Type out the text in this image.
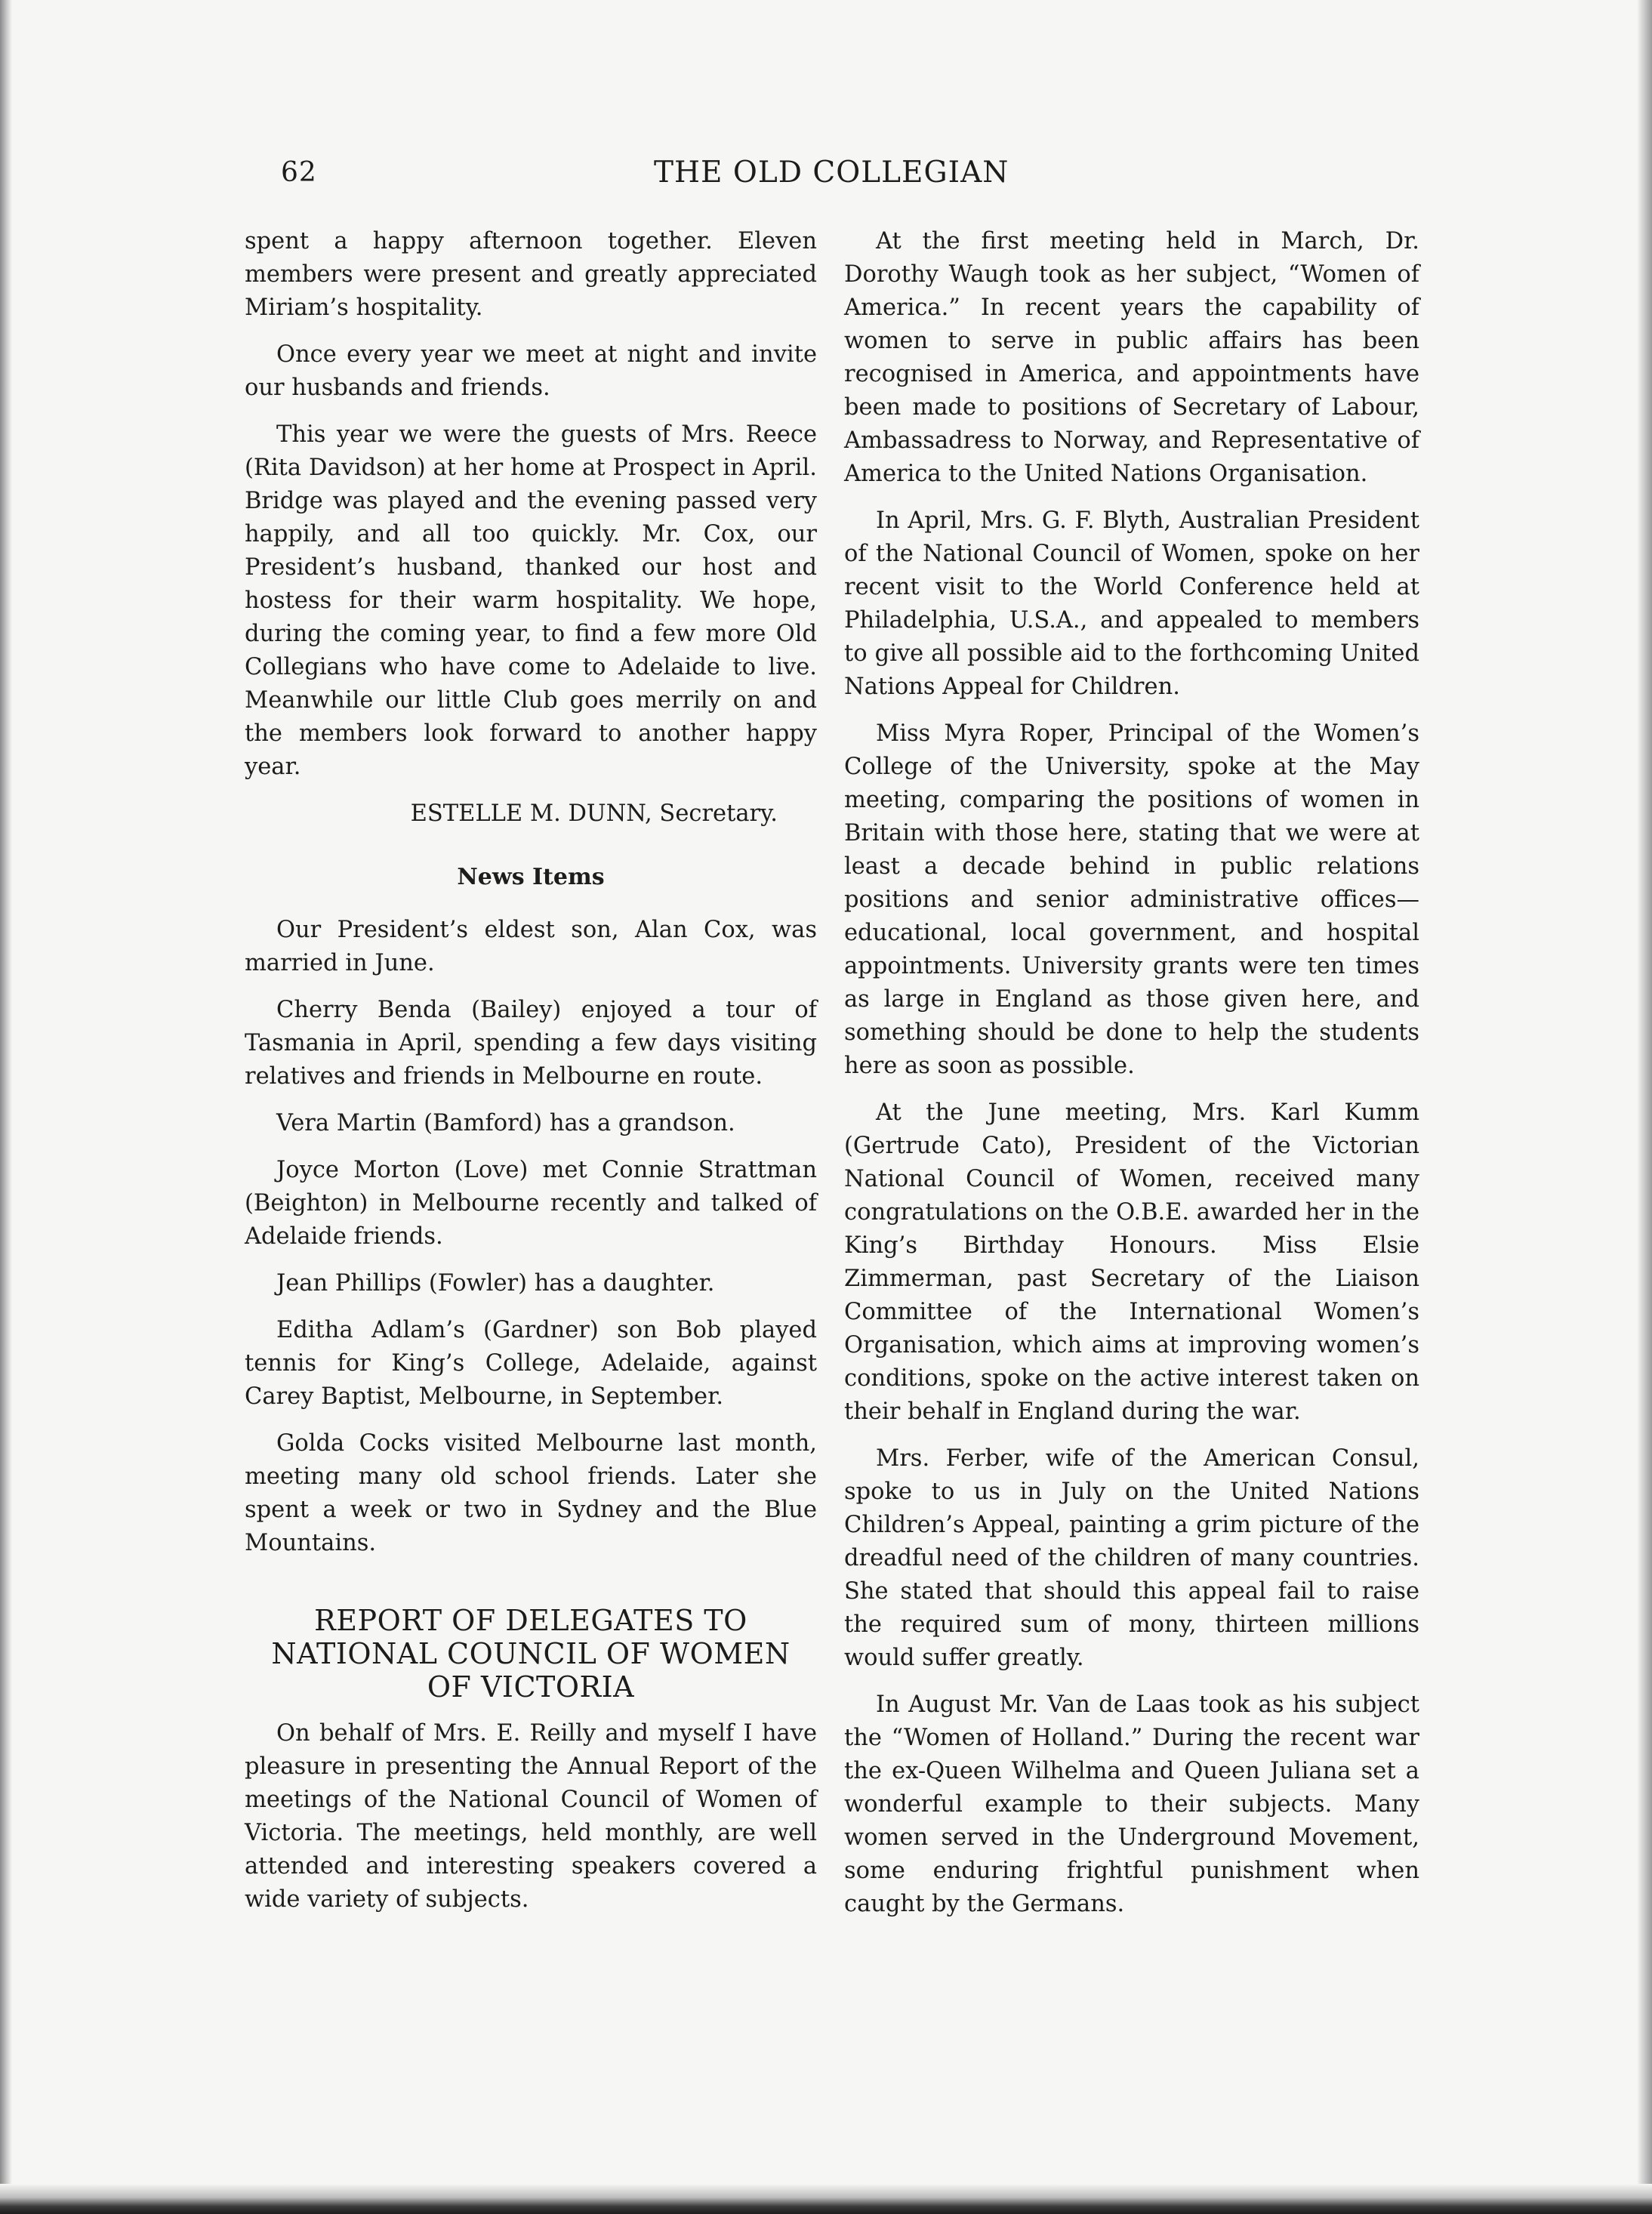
62	THE OLD COLLEGIAN

spent a happy afternoon together. Eleven members were present and greatly appreciated Miriam’s hospitality.

Once every year we meet at night and invite our husbands and friends.

This year we were the guests of Mrs. Reece (Rita Davidson) at her home at Prospect in April. Bridge was played and the evening passed very happily, and all too quickly. Mr. Cox, our President’s husband, thanked our host and hostess for their warm hospitality. We hope, during the coming year, to find a few more Old Collegians who have come to Adelaide to live. Meanwhile our little Club goes merrily on and the members look forward to another happy year.

ESTELLE M. DUNN, Secretary.
News Items

Our President’s eldest son, Alan Cox, was married in June.

Cherry Benda (Bailey) enjoyed a tour of Tasmania in April, spending a few days visiting relatives and friends in Melbourne en route.

Vera Martin (Bamford) has a grandson.

Joyce Morton (Love) met Connie Strattman (Beighton) in Melbourne recently and talked of Adelaide friends.

Jean Phillips (Fowler) has a daughter.

Editha Adlam’s (Gardner) son Bob played tennis for King’s College, Adelaide, against Carey Baptist, Melbourne, in September.

Golda Cocks visited Melbourne last month, meeting many old school friends. Later she spent a week or two in Sydney and the Blue Mountains.

REPORT OF DELEGATES TO NATIONAL COUNCIL OF WOMEN OF VICTORIA

On behalf of Mrs. E. Reilly and myself I have pleasure in presenting the Annual Report of the meetings of the National Council of Women of Victoria. The meetings, held monthly, are well attended and interesting speakers covered a wide variety of subjects.

At the first meeting held in March, Dr. Dorothy Waugh took as her subject, “Women of America.” In recent years the capability of women to serve in public affairs has been recognised in America, and appointments have been made to positions of Secretary of Labour, Ambassadress to Norway, and Representative of America to the United Nations Organisation.

In April, Mrs. G. F. Blyth, Australian President of the National Council of Women, spoke on her recent visit to the World Conference held at Philadelphia, U.S.A., and appealed to members to give all possible aid to the forthcoming United Nations Appeal for Children.

Miss Myra Roper, Principal of the Women’s College of the University, spoke at the May meeting, comparing the positions of women in Britain with those here, stating that we were at least a decade behind in public relations positions and senior administrative offices—educational, local government, and hospital appointments. University grants were ten times as large in England as those given here, and something should be done to help the students here as soon as possible.

At the June meeting, Mrs. Karl Kumm (Gertrude Cato), President of the Victorian National Council of Women, received many congratulations on the O.B.E. awarded her in the King’s Birthday Honours. Miss Elsie Zimmerman, past Secretary of the Liaison Committee of the International Women’s Organisation, which aims at improving women’s conditions, spoke on the active interest taken on their behalf in England during the war.

Mrs. Ferber, wife of the American Consul, spoke to us in July on the United Nations Children’s Appeal, painting a grim picture of the dreadful need of the children of many countries. She stated that should this appeal fail to raise the required sum of mony, thirteen millions would suffer greatly.

In August Mr. Van de Laas took as his subject the “Women of Holland.” During the recent war the ex-Queen Wilhelma and Queen Juliana set a wonderful example to their subjects. Many women served in the Underground Movement, some enduring frightful punishment when caught by the Germans.
